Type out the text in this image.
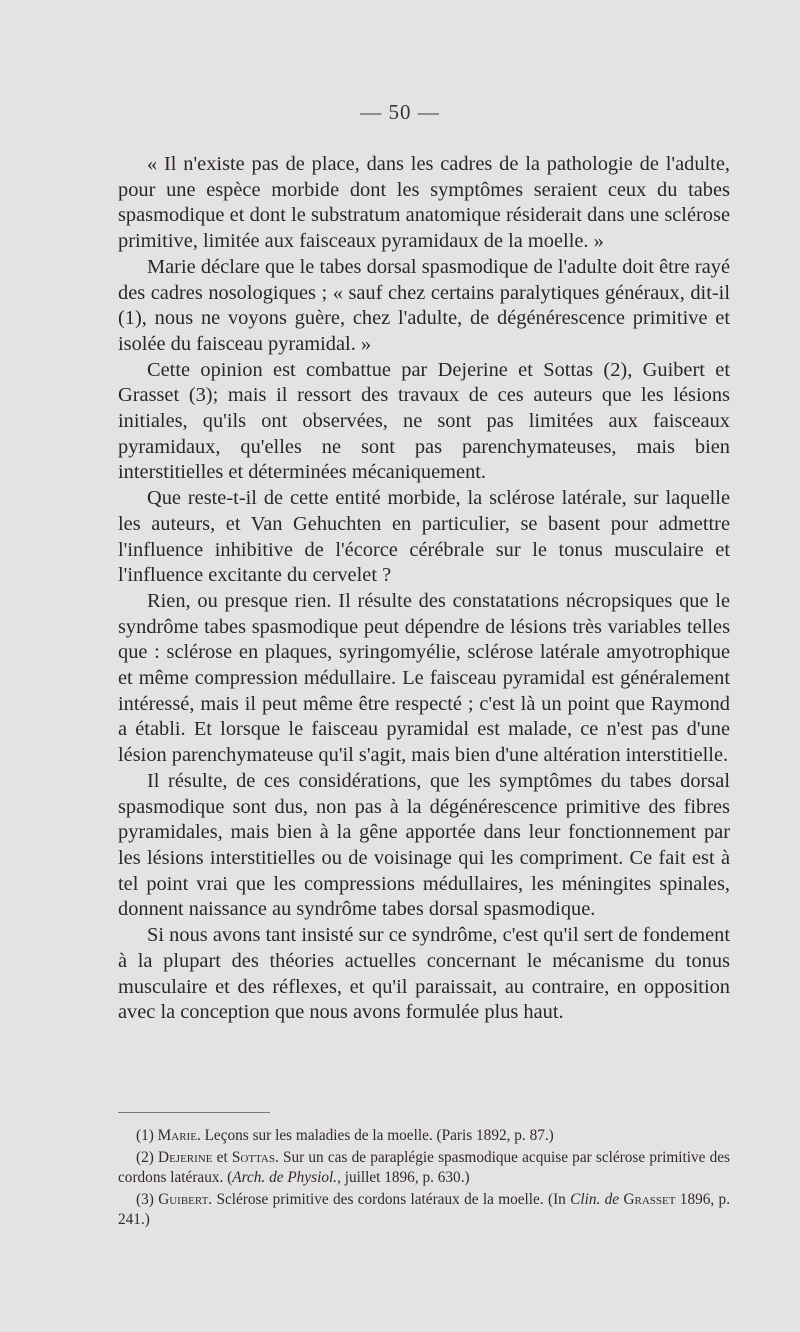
— 50 —

« Il n'existe pas de place, dans les cadres de la pathologie de l'adulte, pour une espèce morbide dont les symptômes seraient ceux du tabes spasmodique et dont le substratum anatomique résiderait dans une sclérose primitive, limitée aux faisceaux pyramidaux de la moelle. »

Marie déclare que le tabes dorsal spasmodique de l'adulte doit être rayé des cadres nosologiques ; « sauf chez certains paralytiques généraux, dit-il (1), nous ne voyons guère, chez l'adulte, de dégénérescence primitive et isolée du faisceau pyramidal. »

Cette opinion est combattue par Dejerine et Sottas (2), Guibert et Grasset (3); mais il ressort des travaux de ces auteurs que les lésions initiales, qu'ils ont observées, ne sont pas limitées aux faisceaux pyramidaux, qu'elles ne sont pas parenchymateuses, mais bien interstitielles et déterminées mécaniquement.

Que reste-t-il de cette entité morbide, la sclérose latérale, sur laquelle les auteurs, et Van Gehuchten en particulier, se basent pour admettre l'influence inhibitive de l'écorce cérébrale sur le tonus musculaire et l'influence excitante du cervelet ?

Rien, ou presque rien. Il résulte des constatations nécropsiques que le syndrôme tabes spasmodique peut dépendre de lésions très variables telles que : sclérose en plaques, syringomyélie, sclérose latérale amyotrophique et même compression médullaire. Le faisceau pyramidal est généralement intéressé, mais il peut même être respecté ; c'est là un point que Raymond a établi. Et lorsque le faisceau pyramidal est malade, ce n'est pas d'une lésion parenchymateuse qu'il s'agit, mais bien d'une altération interstitielle.

Il résulte, de ces considérations, que les symptômes du tabes dorsal spasmodique sont dus, non pas à la dégénérescence primitive des fibres pyramidales, mais bien à la gêne apportée dans leur fonctionnement par les lésions interstitielles ou de voisinage qui les compriment. Ce fait est à tel point vrai que les compressions médullaires, les méningites spinales, donnent naissance au syndrôme tabes dorsal spasmodique.

Si nous avons tant insisté sur ce syndrôme, c'est qu'il sert de fondement à la plupart des théories actuelles concernant le mécanisme du tonus musculaire et des réflexes, et qu'il paraissait, au contraire, en opposition avec la conception que nous avons formulée plus haut.

(1) Marie. Leçons sur les maladies de la moelle. (Paris 1892, p. 87.)

(2) Dejerine et Sottas. Sur un cas de paraplégie spasmodique acquise par sclérose primitive des cordons latéraux. (Arch. de Physiol., juillet 1896, p. 630.)

(3) Guibert. Sclérose primitive des cordons latéraux de la moelle. (In Clin. de Grasset 1896, p. 241.)
